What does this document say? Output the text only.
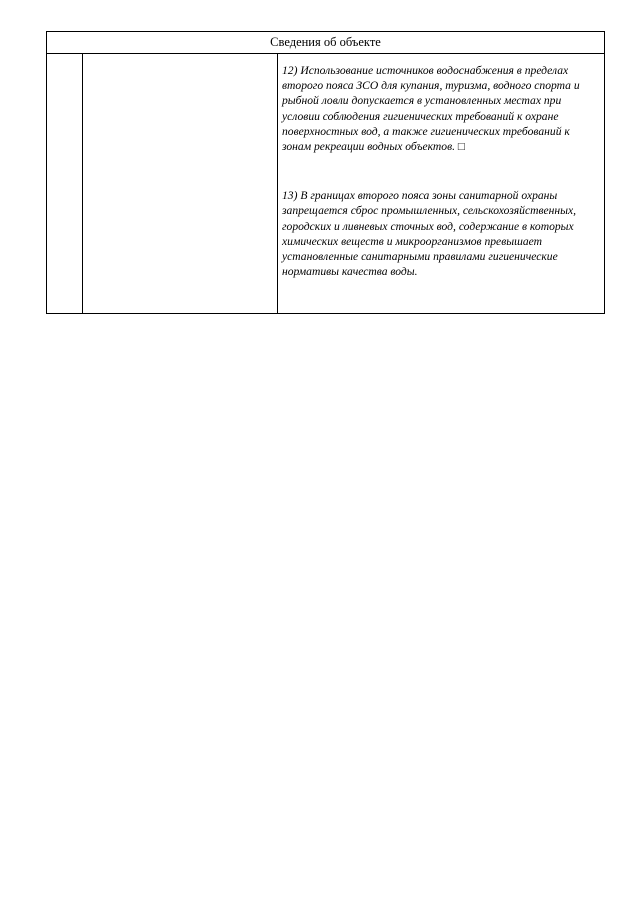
Сведения об объекте
12) Использование источников водоснабжения в пределах
второго пояса ЗСО для купания, туризма, водного спорта и
рыбной ловли допускается в установленных местах при
условии соблюдения гигиенических требований к охране
поверхностных вод, а также гигиенических требований к
зонам рекреации водных объектов. □
13) В границах второго пояса зоны санитарной охраны
запрещается сброс промышленных, сельскохозяйственных,
городских и ливневых сточных вод, содержание в которых
химических веществ и микроорганизмов превышает
установленные санитарными правилами гигиенические
нормативы качества воды.
